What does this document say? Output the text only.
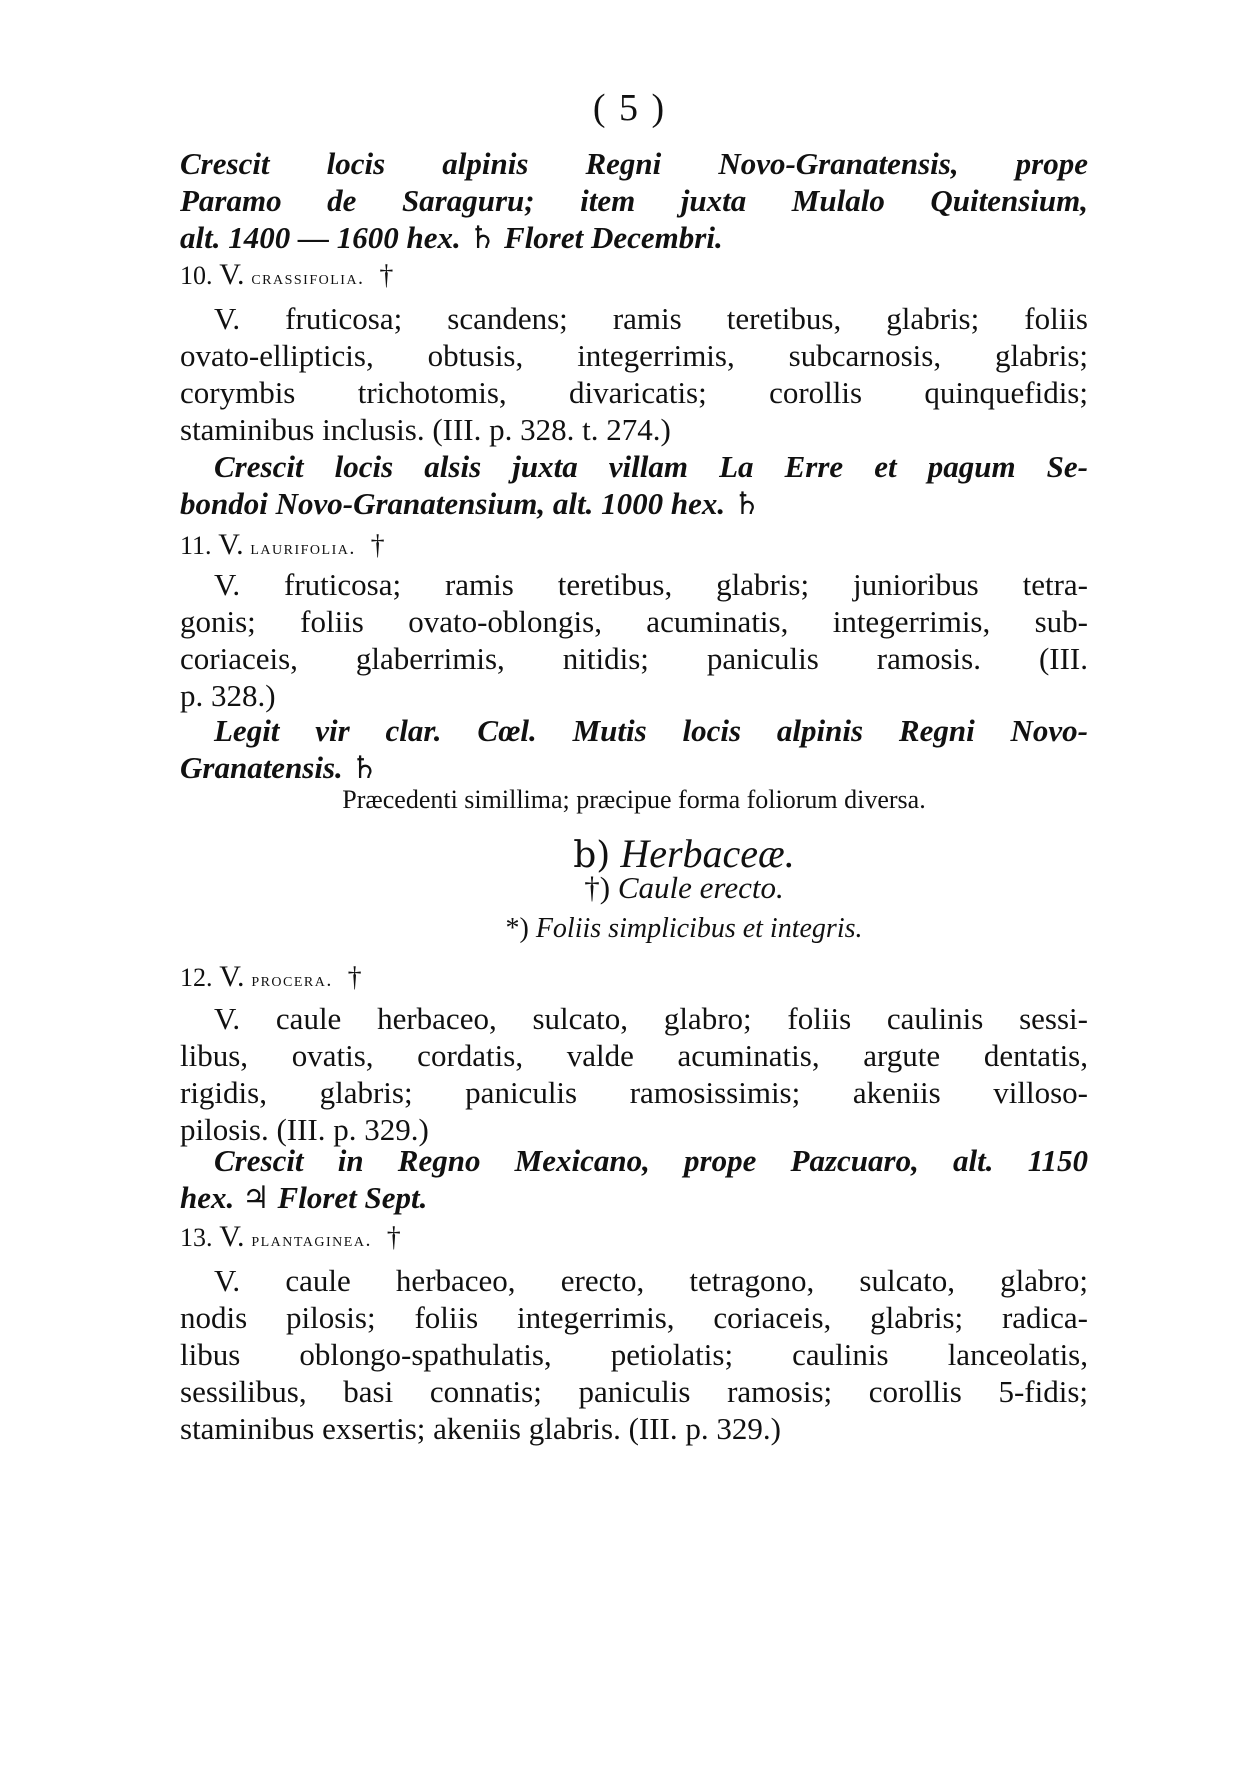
( 5 )
Crescit locis alpinis Regni Novo-Granatensis, prope
Paramo de Saraguru; item juxta Mulalo Quitensium,
alt. 1400 — 1600 hex. ♄ Floret Decembri.
10. V. crassifolia. †
V. fruticosa; scandens; ramis teretibus, glabris; foliis
ovato-ellipticis, obtusis, integerrimis, subcarnosis, glabris;
corymbis trichotomis, divaricatis; corollis quinquefidis;
staminibus inclusis. (III. p. 328. t. 274.)
Crescit locis alsis juxta villam La Erre et pagum Se-
bondoi Novo-Granatensium, alt. 1000 hex. ♄
11. V. laurifolia. †
V. fruticosa; ramis teretibus, glabris; junioribus tetra-
gonis; foliis ovato-oblongis, acuminatis, integerrimis, sub-
coriaceis, glaberrimis, nitidis; paniculis ramosis. (III.
p. 328.)
Legit vir clar. Cœl. Mutis locis alpinis Regni Novo-
Granatensis. ♄
Præcedenti simillima; præcipue forma foliorum diversa.
b) Herbaceæ.
†) Caule erecto.
*) Foliis simplicibus et integris.
12. V. procera. †
V. caule herbaceo, sulcato, glabro; foliis caulinis sessi-
libus, ovatis, cordatis, valde acuminatis, argute dentatis,
rigidis, glabris; paniculis ramosissimis; akeniis villoso-
pilosis. (III. p. 329.)
Crescit in Regno Mexicano, prope Pazcuaro, alt. 1150
hex. ♃ Floret Sept.
13. V. plantaginea. †
V. caule herbaceo, erecto, tetragono, sulcato, glabro;
nodis pilosis; foliis integerrimis, coriaceis, glabris; radica-
libus oblongo-spathulatis, petiolatis; caulinis lanceolatis,
sessilibus, basi connatis; paniculis ramosis; corollis 5-fidis;
staminibus exsertis; akeniis glabris. (III. p. 329.)
